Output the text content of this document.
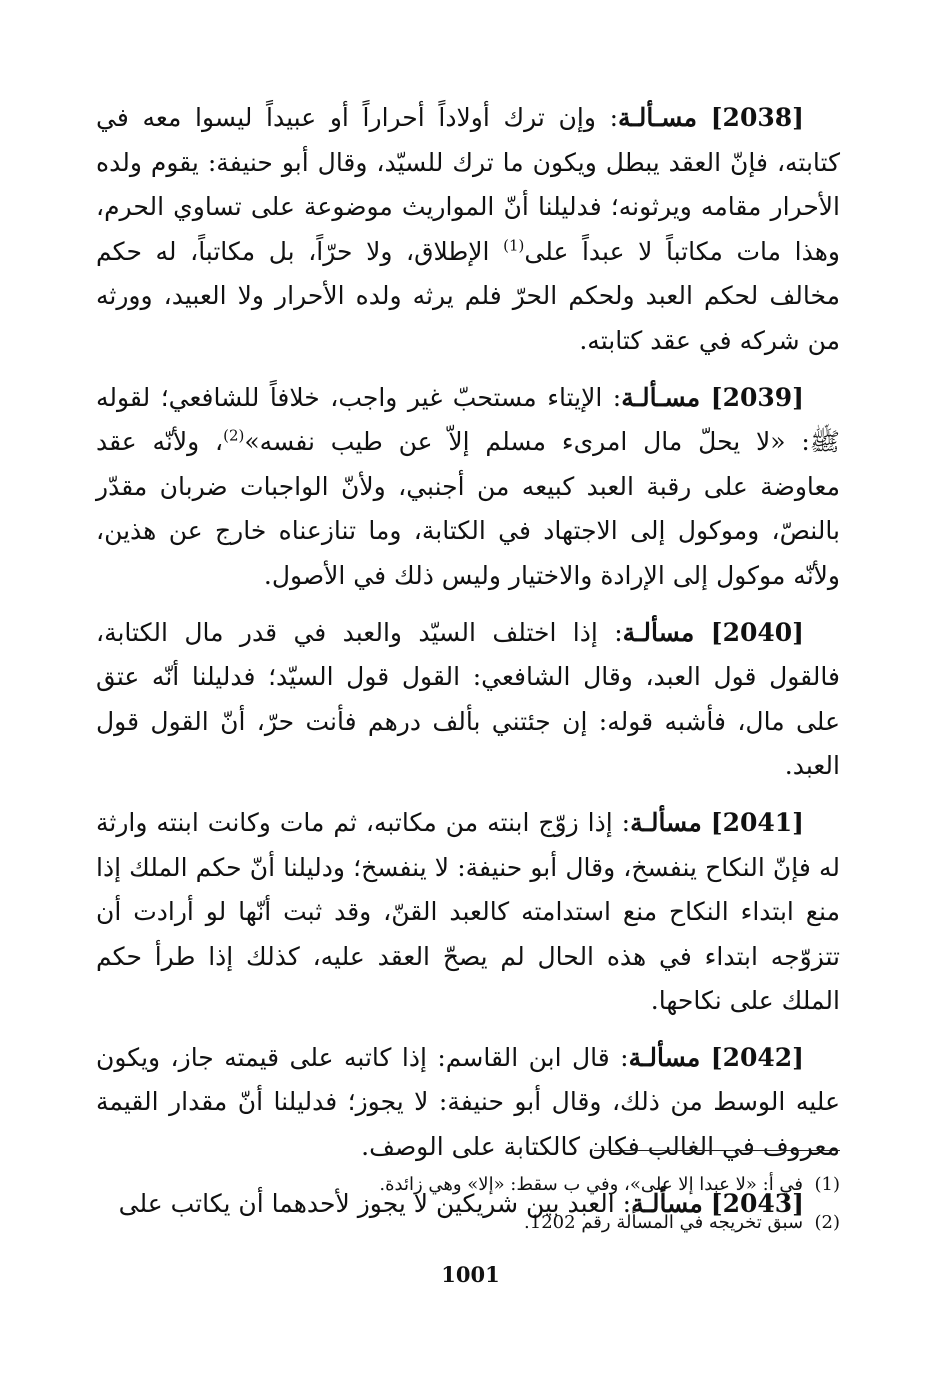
[2038] مسـألـة: وإن ترك أولاداً أحراراً أو عبيداً ليسوا معه في كتابته، فإنّ العقد يبطل ويكون ما ترك للسيّد، وقال أبو حنيفة: يقوم ولده الأحرار مقامه ويرثونه؛ فدليلنا أنّ المواريث موضوعة على تساوي الحرم، وهذا مات مكاتباً لا عبداً على$^{(1)}$ الإطلاق، ولا حرّاً، بل مكاتباً، له حكم مخالف لحكم العبد ولحكم الحرّ فلم يرثه ولده الأحرار ولا العبيد، وورثه من شركه في عقد كتابته.

[2039] مسـألـة: الإيتاء مستحبّ غير واجب، خلافاً للشافعي؛ لقوله ﷺ: «لا يحلّ مال امرىء مسلم إلاّ عن طيب نفسه»$^{(2)}$، ولأنّه عقد معاوضة على رقبة العبد كبيعه من أجنبي، ولأنّ الواجبات ضربان مقدّر بالنصّ، وموكول إلى الاجتهاد في الكتابة، وما تنازعناه خارج عن هذين، ولأنّه موكول إلى الإرادة والاختيار وليس ذلك في الأصول.

[2040] مسألـة: إذا اختلف السيّد والعبد في قدر مال الكتابة، فالقول قول العبد، وقال الشافعي: القول قول السيّد؛ فدليلنا أنّه عتق على مال، فأشبه قوله: إن جئتني بألف درهم فأنت حرّ، أنّ القول قول العبد.

[2041] مسألـة: إذا زوّج ابنته من مكاتبه، ثم مات وكانت ابنته وارثة له فإنّ النكاح ينفسخ، وقال أبو حنيفة: لا ينفسخ؛ ودليلنا أنّ حكم الملك إذا منع ابتداء النكاح منع استدامته كالعبد القنّ، وقد ثبت أنّها لو أرادت أن تتزوّجه ابتداء في هذه الحال لم يصحّ العقد عليه، كذلك إذا طرأ حكم الملك على نكاحها.

[2042] مسألـة: قال ابن القاسم: إذا كاتبه على قيمته جاز، ويكون عليه الوسط من ذلك، وقال أبو حنيفة: لا يجوز؛ فدليلنا أنّ مقدار القيمة معروف في الغالب فكان كالكتابة على الوصف.

[2043] مسألـة: العبد بين شريكين لا يجوز لأحدهما أن يكاتب على

(1)  في أ: «لا عبدا إلا على»، وفي ب سقط: «إلا» وهي زائدة.

(2)  سبق تخريجه في المسألة رقم 1202.

1001
